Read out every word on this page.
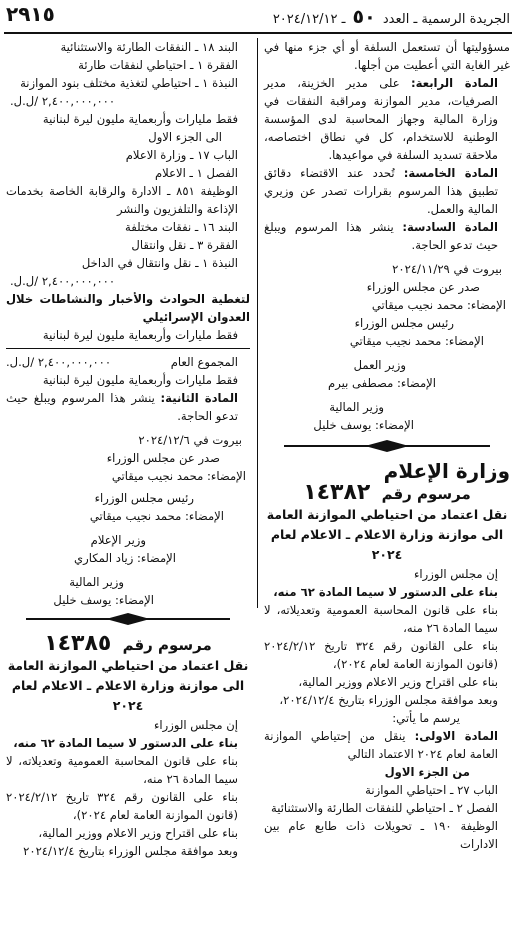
٢٩١٥	الجريدة الرسمية ـ العدد ٥٠ ـ ٢٠٢٤/١٢/١٢

مسؤوليتها أن تستعمل السلفة أو أي جزء منها في غير الغاية التي أعطيت من أجلها.

المادة الرابعة: على مدير الخزينة، مدير الصرفيات، مدير الموازنة ومراقبة النفقات في وزارة المالية وجهاز المحاسبة لدى المؤسسة الوطنية للاستخدام، كل في نطاق اختصاصه، ملاحقة تسديد السلفة في مواعيدها.

المادة الخامسة: تُحدد عند الاقتضاء دقائق تطبيق هذا المرسوم بقرارات تصدر عن وزيري المالية والعمل.

المادة السادسة: ينشر هذا المرسوم ويبلغ حيث تدعو الحاجة.

بيروت في ٢٠٢٤/١١/٢٩

صدر عن مجلس الوزراء

الإمضاء: محمد نجيب ميقاتي

رئيس مجلس الوزراء

الإمضاء: محمد نجيب ميقاتي

وزير العمل

الإمضاء: مصطفى بيرم

وزير المالية

الإمضاء: يوسف خليل

وزارة الإعلام
مرسوم رقم ١٤٣٨٢
نقل اعتماد من احتياطي الموازنة العامة
الى موازنة وزارة الاعلام ـ الاعلام لعام ٢٠٢٤

إن مجلس الوزراء

بناء على الدستور لا سيما المادة ٦٢ منه،

بناء على قانون المحاسبة العمومية وتعديلاته، لا سيما المادة ٢٦ منه،

بناء على القانون رقم ٣٢٤ تاريخ ٢٠٢٤/٢/١٢ (قانون الموازنة العامة لعام ٢٠٢٤)،

بناء على اقتراح وزير الاعلام ووزير المالية،

وبعد موافقة مجلس الوزراء بتاريخ ٢٠٢٤/١٢/٤،

يرسم ما يأتي:

المادة الاولى: ينقل من إحتياطي الموازنة العامة لعام ٢٠٢٤ الاعتماد التالي

من الجزء الاول

الباب ٢٧ ـ احتياطي الموازنة

الفصل ٢ ـ احتياطي للنفقات الطارئة والاستثنائية

الوظيفة ١٩٠ ـ تحويلات ذات طابع عام بين الادارات

البند ١٨ ـ النفقات الطارئة والاستثنائية

الفقرة ١ ـ احتياطي لنفقات طارئة

النبذة ١ ـ احتياطي لتغذية مختلف بنود الموازنة

٢,٤٠٠,٠٠٠,٠٠٠ /ل.ل.

فقط مليارات وأربعماية مليون ليرة لبنانية

الى الجزء الاول

الباب ١٧ ـ وزارة الاعلام

الفصل ١ ـ الاعلام

الوظيفة ٨٥١ ـ الادارة والرقابة الخاصة بخدمات الإذاعة والتلفزيون والنشر

البند ١٦ ـ نفقات مختلفة

الفقرة ٣ ـ نقل وانتقال

النبذة ١ ـ نقل وانتقال في الداخل

٢,٤٠٠,٠٠٠,٠٠٠ /ل.ل.

لتغطية الحوادث والأخبار والنشاطات خلال العدوان الإسرائيلي

فقط مليارات وأربعماية مليون ليرة لبنانية

المجموع العام
٢,٤٠٠,٠٠٠,٠٠٠ /ل.ل.

فقط مليارات وأربعماية مليون ليرة لبنانية

المادة الثانية: ينشر هذا المرسوم ويبلغ حيث تدعو الحاجة.

بيروت في ٢٠٢٤/١٢/٦

صدر عن مجلس الوزراء

الإمضاء: محمد نجيب ميقاتي

رئيس مجلس الوزراء

الإمضاء: محمد نجيب ميقاتي

وزير الإعلام

الإمضاء: زياد المكاري

وزير المالية

الإمضاء: يوسف خليل

مرسوم رقم ١٤٣٨٥
نقل اعتماد من احتياطي الموازنة العامة
الى موازنة وزارة الاعلام ـ الاعلام لعام ٢٠٢٤

إن مجلس الوزراء

بناء على الدستور لا سيما المادة ٦٢ منه،

بناء على قانون المحاسبة العمومية وتعديلاته، لا سيما المادة ٢٦ منه،

بناء على القانون رقم ٣٢٤ تاريخ ٢٠٢٤/٢/١٢ (قانون الموازنة العامة لعام ٢٠٢٤)،

بناء على اقتراح وزير الاعلام ووزير المالية،

وبعد موافقة مجلس الوزراء بتاريخ ٢٠٢٤/١٢/٤
